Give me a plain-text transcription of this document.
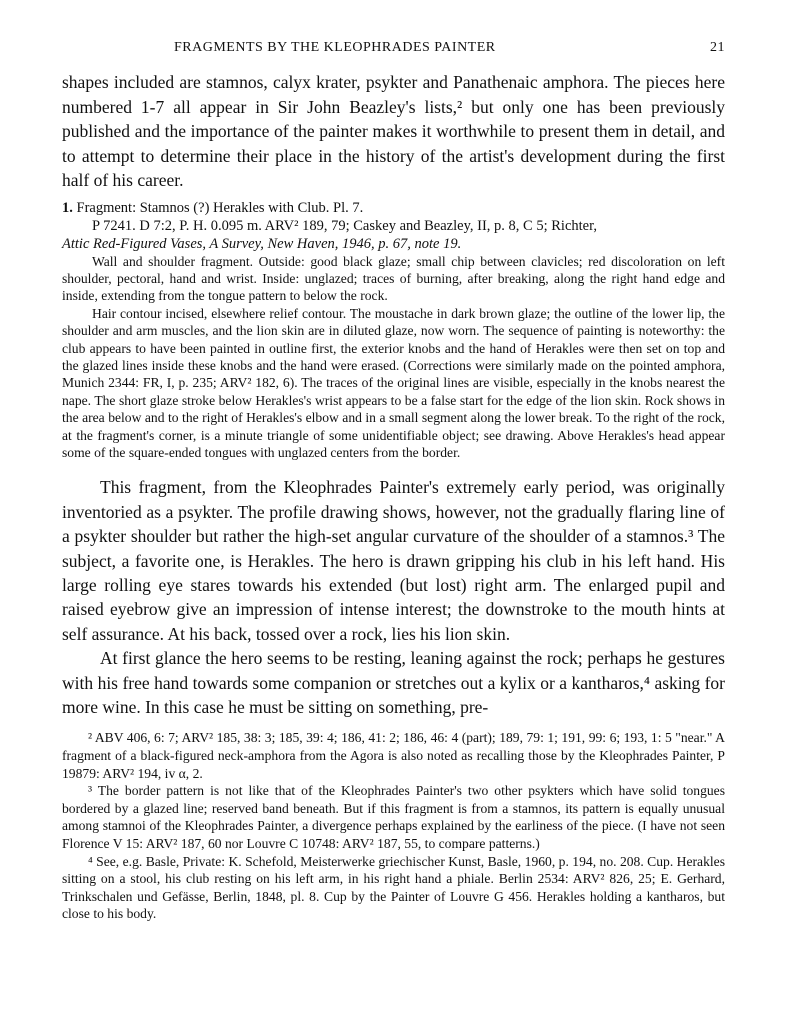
FRAGMENTS BY THE KLEOPHRADES PAINTER	21

shapes included are stamnos, calyx krater, psykter and Panathenaic amphora. The pieces here numbered 1-7 all appear in Sir John Beazley's lists,² but only one has been previously published and the importance of the painter makes it worthwhile to present them in detail, and to attempt to determine their place in the history of the artist's development during the first half of his career.

1. Fragment: Stamnos (?) Herakles with Club. Pl. 7.

P 7241. D 7:2, P. H. 0.095 m. ARV² 189, 79; Caskey and Beazley, II, p. 8, C 5; Richter,

Attic Red-Figured Vases, A Survey, New Haven, 1946, p. 67, note 19.

Wall and shoulder fragment. Outside: good black glaze; small chip between clavicles; red discoloration on left shoulder, pectoral, hand and wrist. Inside: unglazed; traces of burning, after breaking, along the right hand edge and inside, extending from the tongue pattern to below the rock.

Hair contour incised, elsewhere relief contour. The moustache in dark brown glaze; the outline of the lower lip, the shoulder and arm muscles, and the lion skin are in diluted glaze, now worn. The sequence of painting is noteworthy: the club appears to have been painted in outline first, the exterior knobs and the hand of Herakles were then set on top and the glazed lines inside these knobs and the hand were erased. (Corrections were similarly made on the pointed amphora, Munich 2344: FR, I, p. 235; ARV² 182, 6). The traces of the original lines are visible, especially in the knobs nearest the nape. The short glaze stroke below Herakles's wrist appears to be a false start for the edge of the lion skin. Rock shows in the area below and to the right of Herakles's elbow and in a small segment along the lower break. To the right of the rock, at the fragment's corner, is a minute triangle of some unidentifiable object; see drawing. Above Herakles's head appear some of the square-ended tongues with unglazed centers from the border.

This fragment, from the Kleophrades Painter's extremely early period, was originally inventoried as a psykter. The profile drawing shows, however, not the gradually flaring line of a psykter shoulder but rather the high-set angular curvature of the shoulder of a stamnos.³ The subject, a favorite one, is Herakles. The hero is drawn gripping his club in his left hand. His large rolling eye stares towards his extended (but lost) right arm. The enlarged pupil and raised eyebrow give an impression of intense interest; the downstroke to the mouth hints at self assurance. At his back, tossed over a rock, lies his lion skin.

At first glance the hero seems to be resting, leaning against the rock; perhaps he gestures with his free hand towards some companion or stretches out a kylix or a kantharos,⁴ asking for more wine. In this case he must be sitting on something, pre-

² ABV 406, 6: 7; ARV² 185, 38: 3; 185, 39: 4; 186, 41: 2; 186, 46: 4 (part); 189, 79: 1; 191, 99: 6; 193, 1: 5 "near." A fragment of a black-figured neck-amphora from the Agora is also noted as recalling those by the Kleophrades Painter, P 19879: ARV² 194, iv α, 2.

³ The border pattern is not like that of the Kleophrades Painter's two other psykters which have solid tongues bordered by a glazed line; reserved band beneath. But if this fragment is from a stamnos, its pattern is equally unusual among stamnoi of the Kleophrades Painter, a divergence perhaps explained by the earliness of the piece. (I have not seen Florence V 15: ARV² 187, 60 nor Louvre C 10748: ARV² 187, 55, to compare patterns.)

⁴ See, e.g. Basle, Private: K. Schefold, Meisterwerke griechischer Kunst, Basle, 1960, p. 194, no. 208. Cup. Herakles sitting on a stool, his club resting on his left arm, in his right hand a phiale. Berlin 2534: ARV² 826, 25; E. Gerhard, Trinkschalen und Gefässe, Berlin, 1848, pl. 8. Cup by the Painter of Louvre G 456. Herakles holding a kantharos, but close to his body.
